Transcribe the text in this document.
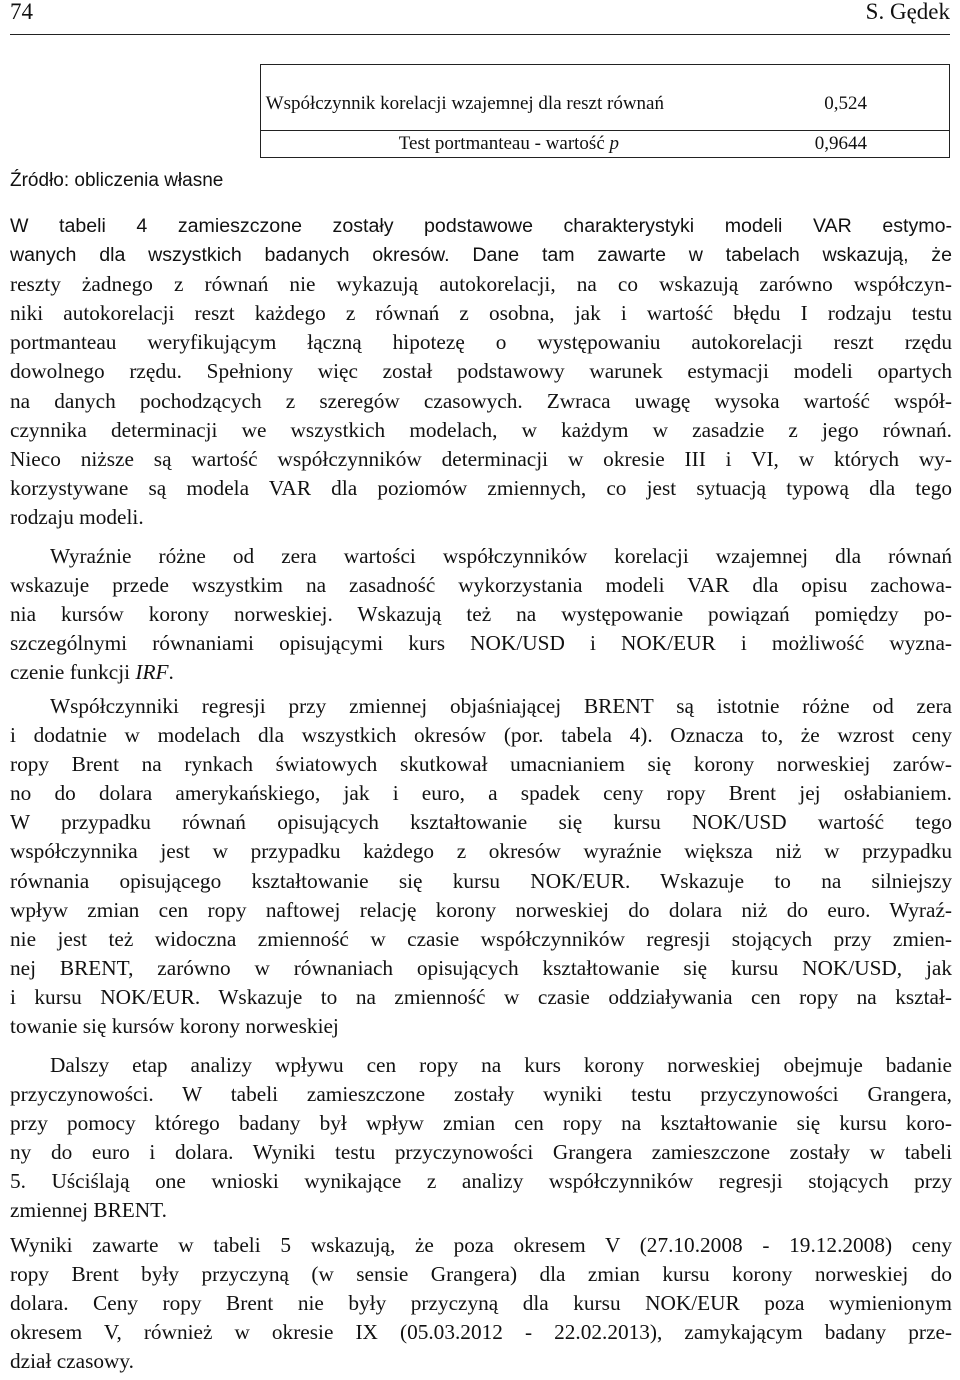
74	S. Gędek
Współczynnik korelacji wzajemnej dla reszt równań	0,524
Test portmanteau - wartość p	0,9644
Źródło: obliczenia własne
W tabeli 4 zamieszczone zostały podstawowe charakterystyki modeli VAR estymo-
wanych dla wszystkich badanych okresów. Dane tam zawarte w tabelach wskazują, że
reszty żadnego z równań nie wykazują autokorelacji, na co wskazują zarówno współczyn-
niki autokorelacji reszt każdego z równań z osobna, jak i wartość błędu I rodzaju testu
portmanteau weryfikującym łączną hipotezę o występowaniu autokorelacji reszt rzędu
dowolnego rzędu. Spełniony więc został podstawowy warunek estymacji modeli opartych
na danych pochodzących z szeregów czasowych. Zwraca uwagę wysoka wartość współ-
czynnika determinacji we wszystkich modelach, w każdym w zasadzie z jego równań.
Nieco niższe są wartość współczynników determinacji w okresie III i VI, w których wy-
korzystywane są modela VAR dla poziomów zmiennych, co jest sytuacją typową dla tego
rodzaju modeli.
Wyraźnie różne od zera wartości współczynników korelacji wzajemnej dla równań
wskazuje przede wszystkim na zasadność wykorzystania modeli VAR dla opisu zachowa-
nia kursów korony norweskiej. Wskazują też na występowanie powiązań pomiędzy po-
szczególnymi równaniami opisującymi kurs NOK/USD i NOK/EUR i możliwość wyzna-
czenie funkcji IRF.
Współczynniki regresji przy zmiennej objaśniającej BRENT są istotnie różne od zera
i dodatnie w modelach dla wszystkich okresów (por. tabela 4). Oznacza to, że wzrost ceny
ropy Brent na rynkach światowych skutkował umacnianiem się korony norweskiej zarów-
no do dolara amerykańskiego, jak i euro, a spadek ceny ropy Brent jej osłabianiem.
W przypadku równań opisujących kształtowanie się kursu NOK/USD wartość tego
współczynnika jest w przypadku każdego z okresów wyraźnie większa niż w przypadku
równania opisującego kształtowanie się kursu NOK/EUR. Wskazuje to na silniejszy
wpływ zmian cen ropy naftowej relację korony norweskiej do dolara niż do euro. Wyraź-
nie jest też widoczna zmienność w czasie współczynników regresji stojących przy zmien-
nej BRENT, zarówno w równaniach opisujących kształtowanie się kursu NOK/USD, jak
i kursu NOK/EUR. Wskazuje to na zmienność w czasie oddziaływania cen ropy na kształ-
towanie się kursów korony norweskiej
Dalszy etap analizy wpływu cen ropy na kurs korony norweskiej obejmuje badanie
przyczynowości. W tabeli zamieszczone zostały wyniki testu przyczynowości Grangera,
przy pomocy którego badany był wpływ zmian cen ropy na kształtowanie się kursu koro-
ny do euro i dolara. Wyniki testu przyczynowości Grangera zamieszczone zostały w tabeli
5. Uściślają one wnioski wynikające z analizy współczynników regresji stojących przy
zmiennej BRENT.
Wyniki zawarte w tabeli 5 wskazują, że poza okresem V (27.10.2008 - 19.12.2008) ceny
ropy Brent były przyczyną (w sensie Grangera) dla zmian kursu korony norweskiej do
dolara. Ceny ropy Brent nie były przyczyną dla kursu NOK/EUR poza wymienionym
okresem V, również w okresie IX (05.03.2012 - 22.02.2013), zamykającym badany prze-
dział czasowy.
